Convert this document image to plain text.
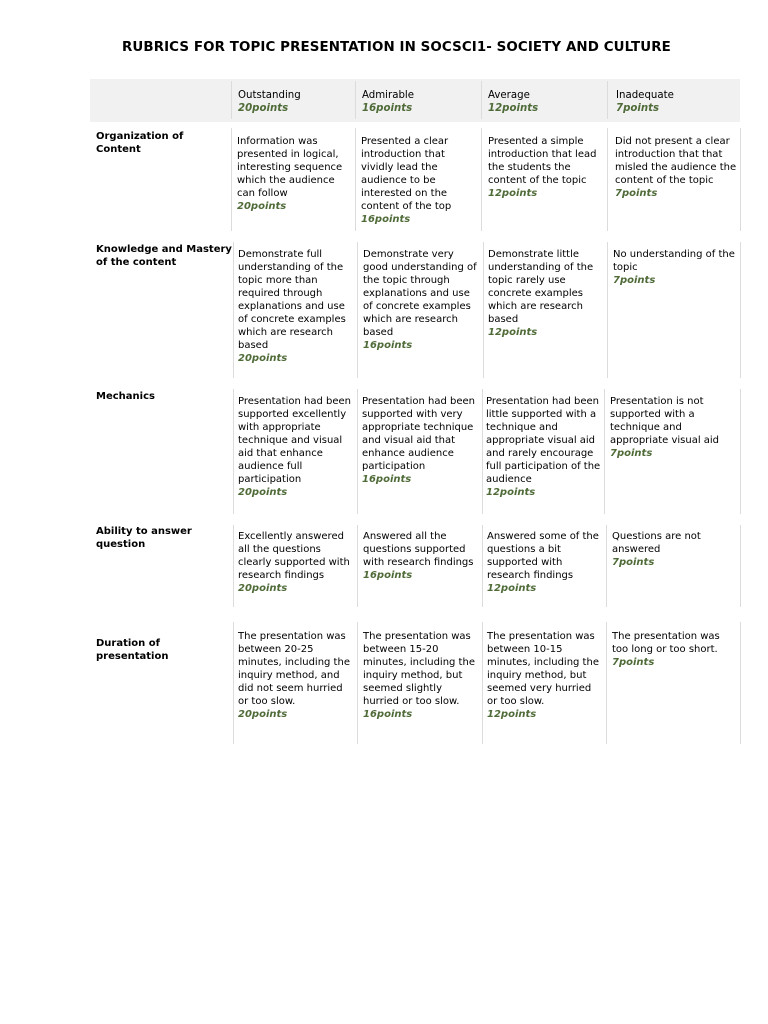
RUBRICS FOR TOPIC PRESENTATION IN SOCSCI1- SOCIETY AND CULTURE
Outstanding
20points
Admirable
16points
Average
12points
Inadequate
7points
Organization of Content
Information was presented in logical, interesting sequence which the audience can follow
20points
Presented a clear introduction that vividly lead the audience to be interested on the content of the top
16points
Presented a simple introduction that lead the students the content of the topic
12points
Did not present a clear introduction that that misled the audience the content of the topic
7points
Knowledge and Mastery of the content
Demonstrate full understanding of the topic more than required through explanations and use of concrete examples which are research based
20points
Demonstrate very good understanding of the topic through explanations and use of concrete examples which are research based
16points
Demonstrate little understanding of the topic rarely use concrete examples which are research based
12points
No understanding of the topic
7points
Mechanics	Presentation had been supported excellently with appropriate technique and visual aid that enhance audience full participation
20points
Presentation had been supported with very appropriate technique and visual aid that enhance audience participation
16points
Presentation had been little supported with a technique and appropriate visual aid and rarely encourage full participation of the audience
12points
Presentation is not supported with a technique and appropriate visual aid
7points
Ability to answer question
Excellently answered all the questions clearly supported with research findings
20points
Answered all the questions supported with research findings
16points
Answered some of the questions a bit supported with research findings
12points
Questions are not answered
7points
Duration of presentation
The presentation was between 20-25 minutes, including the inquiry method, and did not seem hurried or too slow.
20points
The presentation was between 15-20 minutes, including the inquiry method, but seemed slightly hurried or too slow.
16points
The presentation was between 10-15 minutes, including the inquiry method, but seemed very hurried or too slow.
12points
The presentation was too long or too short.
7points
